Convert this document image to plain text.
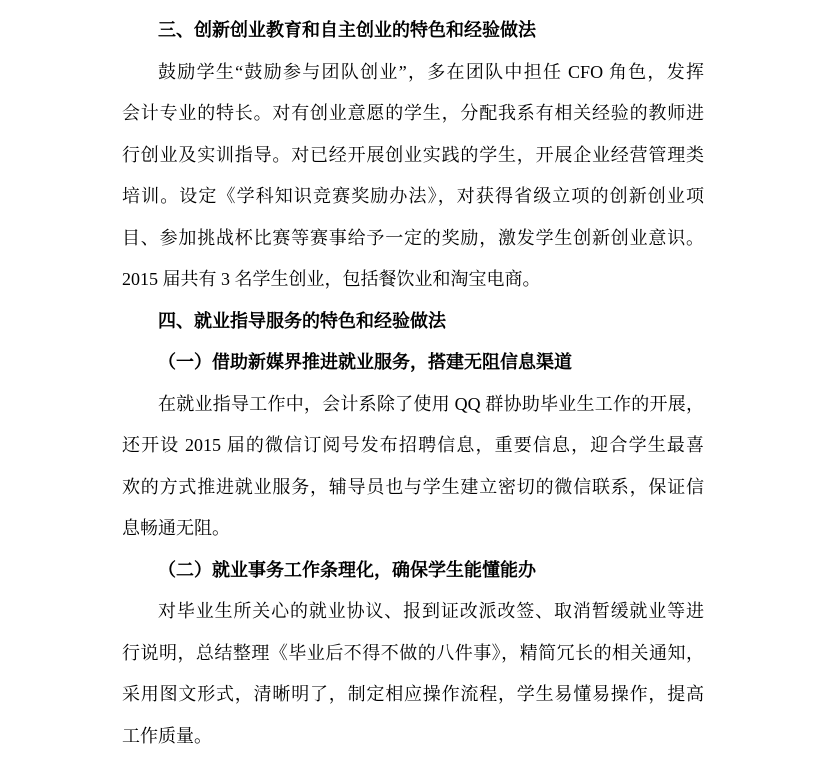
三、创新创业教育和自主创业的特色和经验做法
鼓励学生“鼓励参与团队创业”，多在团队中担任 CFO 角色，发挥
会计专业的特长。对有创业意愿的学生，分配我系有相关经验的教师进
行创业及实训指导。对已经开展创业实践的学生，开展企业经营管理类
培训。设定《学科知识竞赛奖励办法》，对获得省级立项的创新创业项
目、参加挑战杯比赛等赛事给予一定的奖励，激发学生创新创业意识。
2015 届共有 3 名学生创业，包括餐饮业和淘宝电商。
四、就业指导服务的特色和经验做法
（一）借助新媒界推进就业服务，搭建无阻信息渠道
在就业指导工作中，会计系除了使用 QQ 群协助毕业生工作的开展，
还开设 2015 届的微信订阅号发布招聘信息，重要信息，迎合学生最喜
欢的方式推进就业服务，辅导员也与学生建立密切的微信联系，保证信
息畅通无阻。
（二）就业事务工作条理化，确保学生能懂能办
对毕业生所关心的就业协议、报到证改派改签、取消暂缓就业等进
行说明，总结整理《毕业后不得不做的八件事》，精简冗长的相关通知，
采用图文形式，清晰明了，制定相应操作流程，学生易懂易操作，提高
工作质量。
